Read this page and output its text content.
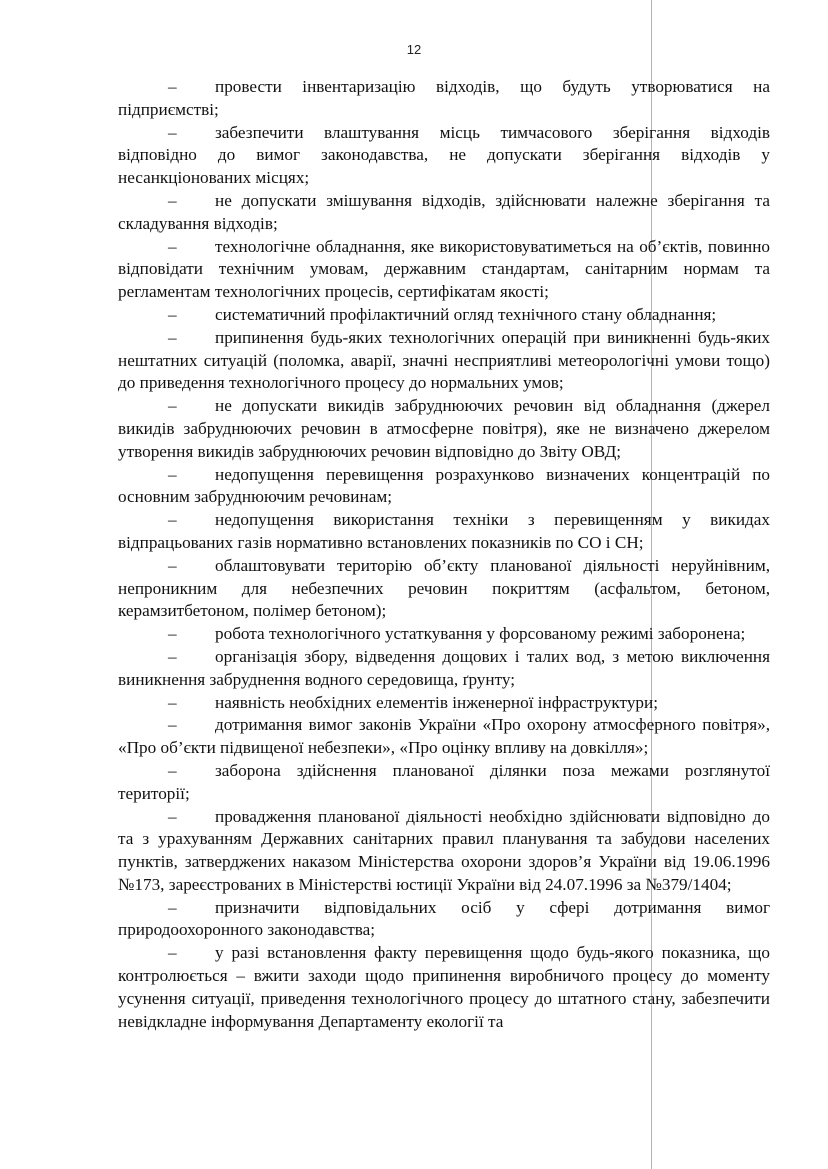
12

– провести інвентаризацію відходів, що будуть утворюватися на підприємстві;

– забезпечити влаштування місць тимчасового зберігання відходів відповідно до вимог законодавства, не допускати зберігання відходів у несанкціонованих місцях;

– не допускати змішування відходів, здійснювати належне зберігання та складування відходів;

– технологічне обладнання, яке використовуватиметься на об’єктів, повинно відповідати технічним умовам, державним стандартам, санітарним нормам та регламентам технологічних процесів, сертифікатам якості;

– систематичний профілактичний огляд технічного стану обладнання;

– припинення будь-яких технологічних операцій при виникненні будь-яких нештатних ситуацій (поломка, аварії, значні несприятливі метеорологічні умови тощо) до приведення технологічного процесу до нормальних умов;

– не допускати викидів забруднюючих речовин від обладнання (джерел викидів забруднюючих речовин в атмосферне повітря), яке не визначено джерелом утворення викидів забруднюючих речовин відповідно до Звіту ОВД;

– недопущення перевищення розрахунково визначених концентрацій по основним забруднюючим речовинам;

– недопущення використання техніки з перевищенням у викидах відпрацьованих газів нормативно встановлених показників по СО і СН;

– облаштовувати територію об’єкту планованої діяльності неруйнівним, непроникним для небезпечних речовин покриттям (асфальтом, бетоном, керамзитбетоном, полімер бетоном);

– робота технологічного устаткування у форсованому режимі заборонена;

– організація збору, відведення дощових і талих вод, з метою виключення виникнення забруднення водного середовища, ґрунту;

– наявність необхідних елементів інженерної інфраструктури;

– дотримання вимог законів України «Про охорону атмосферного повітря», «Про об’єкти підвищеної небезпеки», «Про оцінку впливу на довкілля»;

– заборона здійснення планованої ділянки поза межами розглянутої території;

– провадження планованої діяльності необхідно здійснювати відповідно до та з урахуванням Державних санітарних правил планування та забудови населених пунктів, затверджених наказом Міністерства охорони здоров’я України від 19.06.1996 №173, зареєстрованих в Міністерстві юстиції України від 24.07.1996 за №379/1404;

– призначити відповідальних осіб у сфері дотримання вимог природоохоронного законодавства;

– у разі встановлення факту перевищення щодо будь-якого показника, що контролюється – вжити заходи щодо припинення виробничого процесу до моменту усунення ситуації, приведення технологічного процесу до штатного стану, забезпечити невідкладне інформування Департаменту екології та
